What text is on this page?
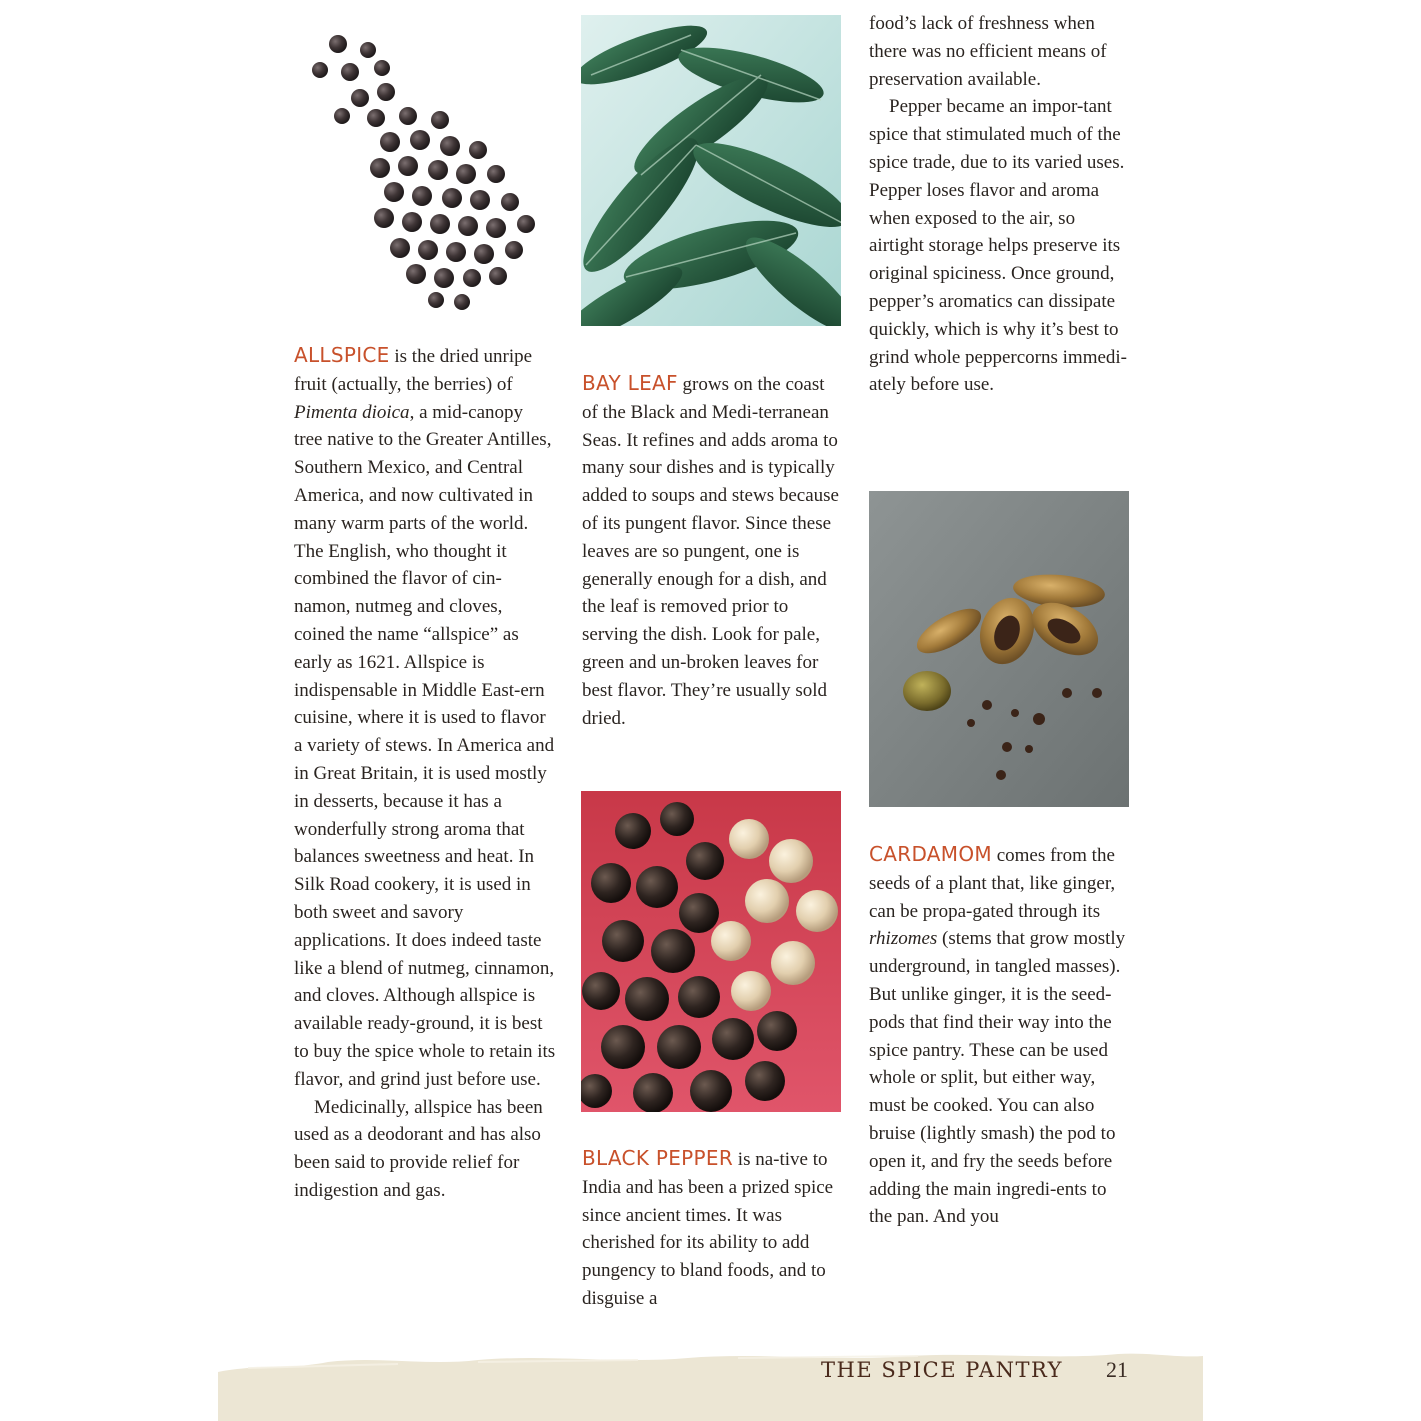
ALLSPICE is the dried unripe fruit (actually, the berries) of Pimenta dioica, a mid-canopy tree native to the Greater Antilles, Southern Mexico, and Central America, and now cultivated in many warm parts of the world. The English, who thought it combined the flavor of cin-namon, nutmeg and cloves, coined the name “allspice” as early as 1621. Allspice is indispensable in Middle East-ern cuisine, where it is used to flavor a variety of stews. In America and in Great Britain, it is used mostly in desserts, because it has a wonderfully strong aroma that balances sweetness and heat. In Silk Road cookery, it is used in both sweet and savory applications. It does indeed taste like a blend of nutmeg, cinnamon, and cloves. Although allspice is available ready-ground, it is best to buy the spice whole to retain its flavor, and grind just before use.

Medicinally, allspice has been used as a deodorant and has also been said to provide relief for indigestion and gas.

BAY LEAF grows on the coast of the Black and Medi-terranean Seas. It refines and adds aroma to many sour dishes and is typically added to soups and stews because of its pungent flavor. Since these leaves are so pungent, one is generally enough for a dish, and the leaf is removed prior to serving the dish. Look for pale, green and un-broken leaves for best flavor. They’re usually sold dried.

BLACK PEPPER is na-tive to India and has been a prized spice since ancient times. It was cherished for its ability to add pungency to bland foods, and to disguise a

food’s lack of freshness when there was no efficient means of preservation available.

Pepper became an impor-tant spice that stimulated much of the spice trade, due to its varied uses. Pepper loses flavor and aroma when exposed to the air, so airtight storage helps preserve its original spiciness. Once ground, pepper’s aromatics can dissipate quickly, which is why it’s best to grind whole peppercorns immedi-ately before use.

CARDAMOM comes from the seeds of a plant that, like ginger, can be propa-gated through its rhizomes (stems that grow mostly underground, in tangled masses). But unlike ginger, it is the seed-pods that find their way into the spice pantry. These can be used whole or split, but either way, must be cooked. You can also bruise (lightly smash) the pod to open it, and fry the seeds before adding the main ingredi-ents to the pan. And you

THE SPICE PANTRY 21
